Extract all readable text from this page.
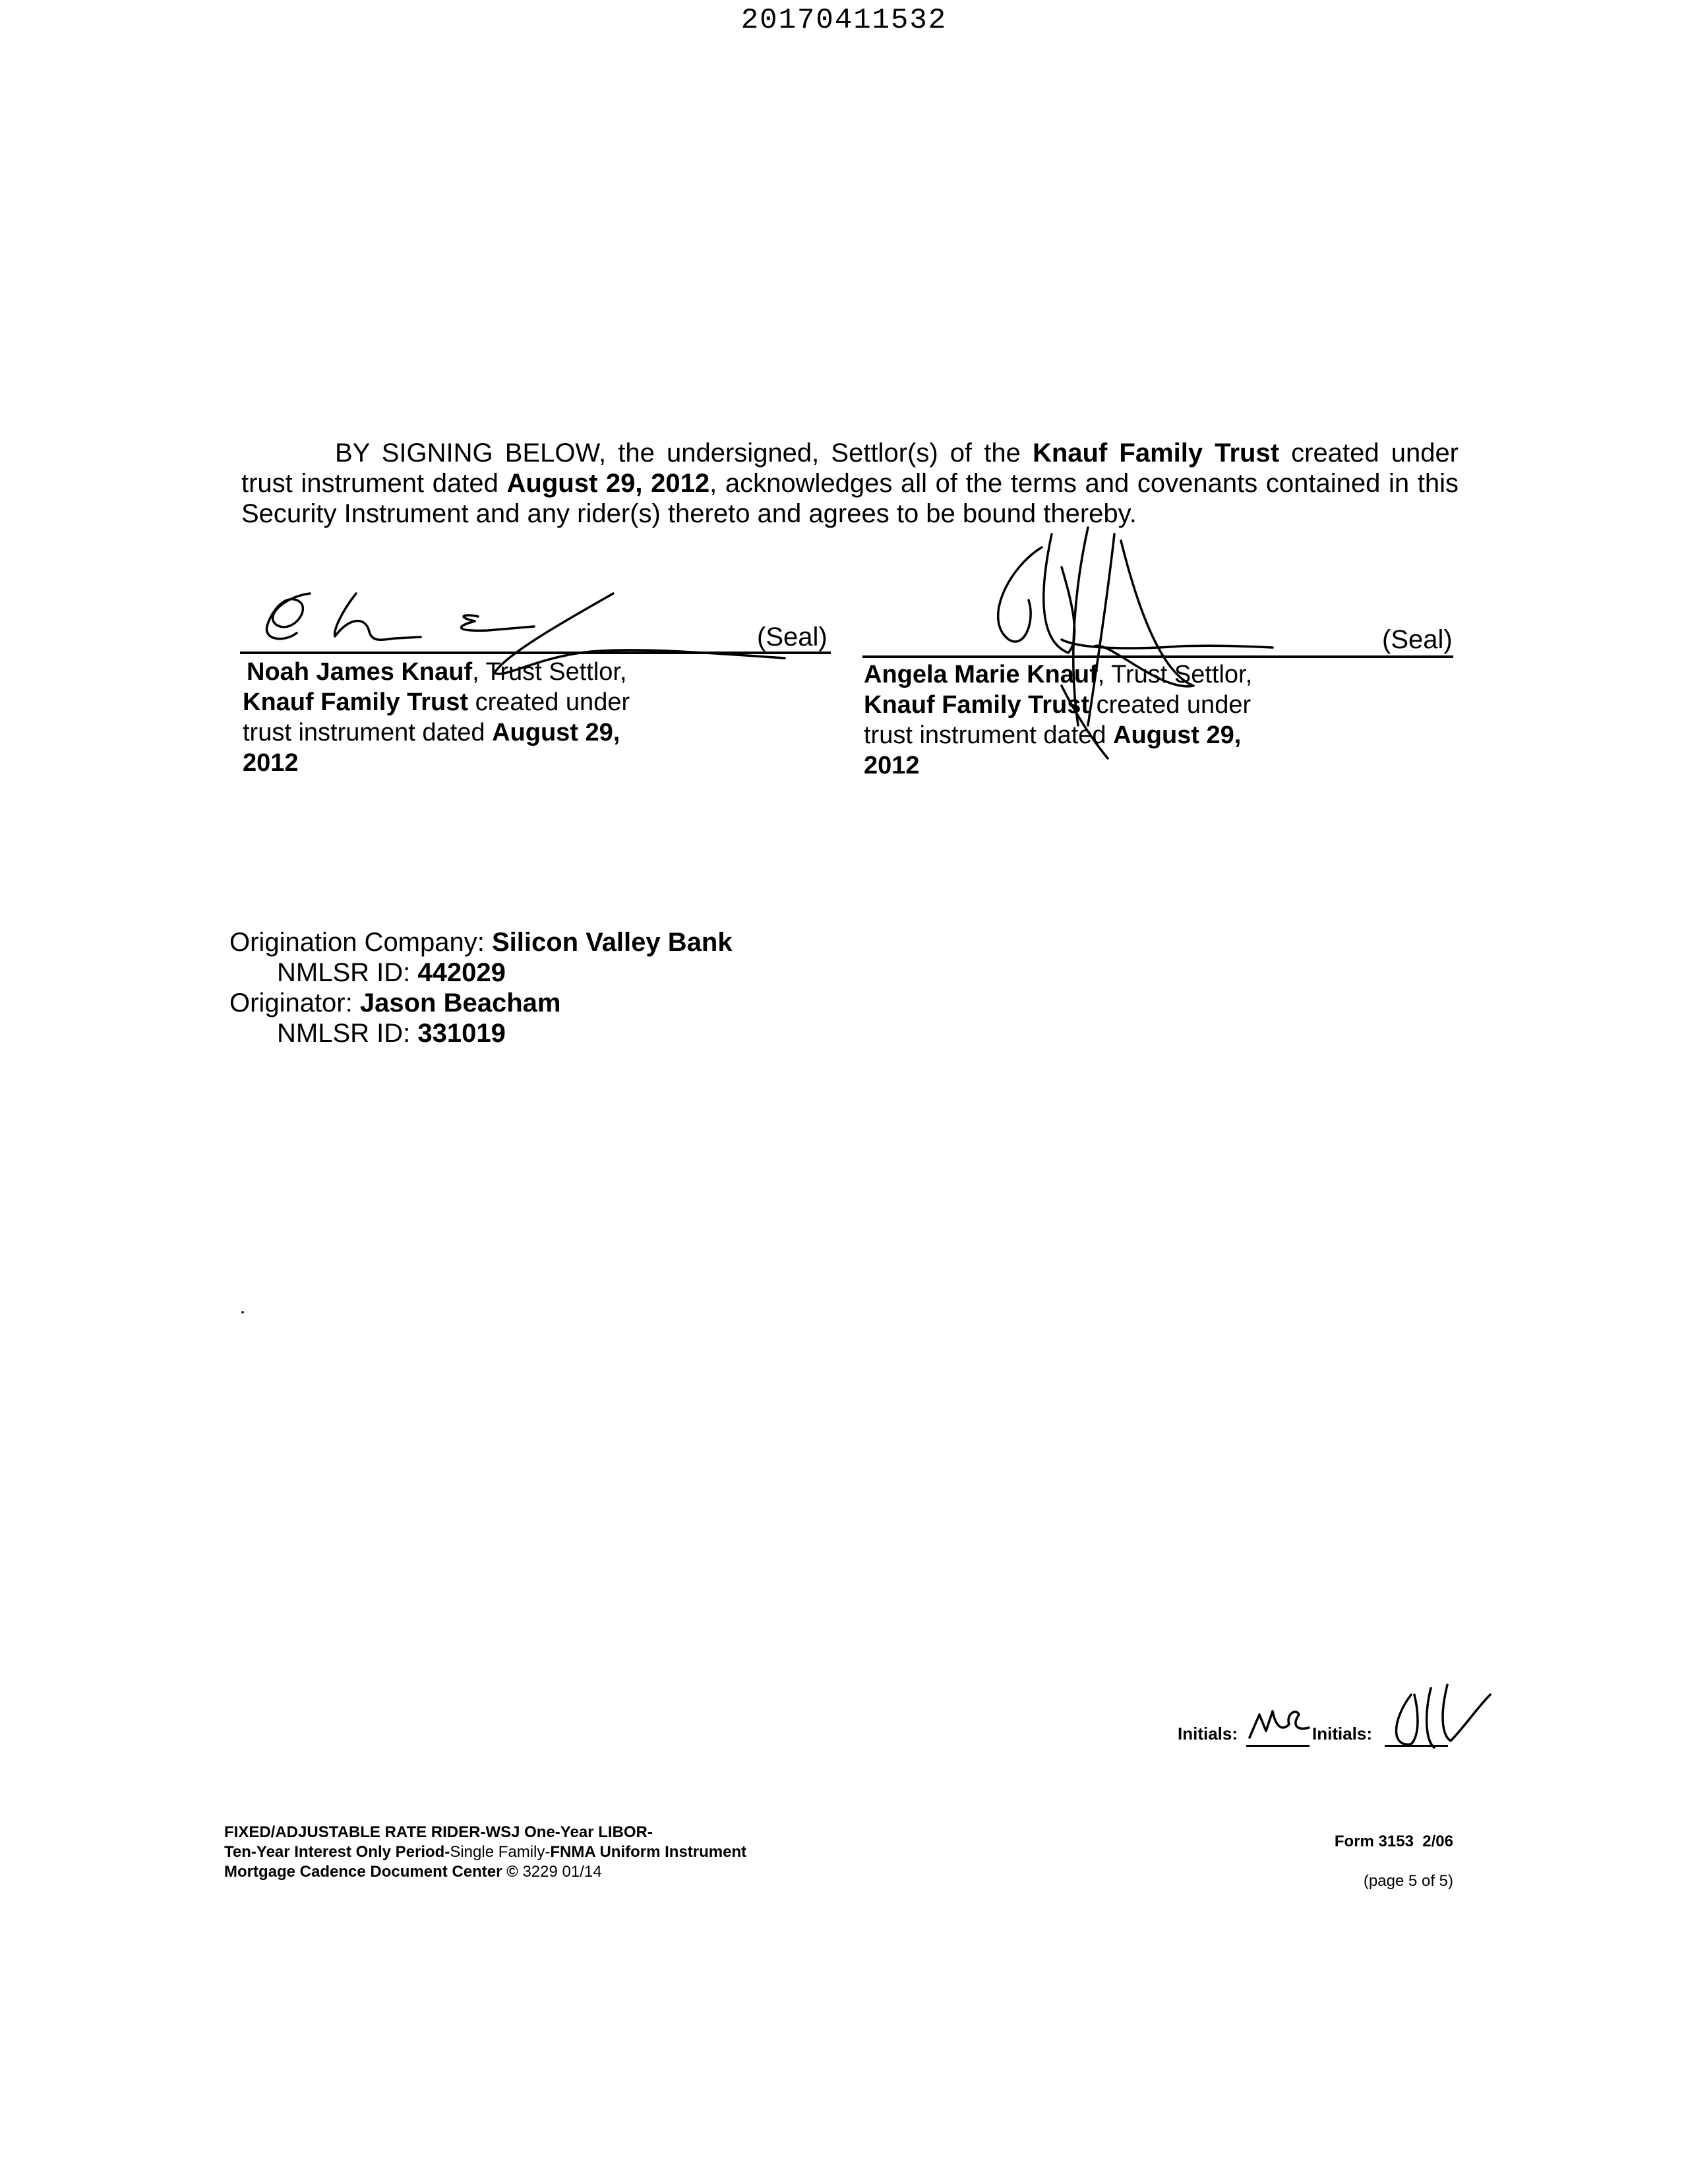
20170411532
BY SIGNING BELOW, the undersigned, Settlor(s) of the Knauf Family Trust created under
trust instrument dated August 29, 2012, acknowledges all of the terms and covenants contained in this
Security Instrument and any rider(s) thereto and agrees to be bound thereby.
(Seal)
Noah James Knauf, Trust Settlor,
Knauf Family Trust created under
trust instrument dated August 29,
2012
(Seal)
Angela Marie Knauf, Trust Settlor,
Knauf Family Trust created under
trust instrument dated August 29,
2012
Origination Company: Silicon Valley Bank
NMLSR ID: 442029
Originator: Jason Beacham
NMLSR ID: 331019
Initials:	Initials:
FIXED/ADJUSTABLE RATE RIDER-WSJ One-Year LIBOR-
Ten-Year Interest Only Period-Single Family-FNMA Uniform Instrument
Mortgage Cadence Document Center © 3229 01/14
Form 3153  2/06
(page 5 of 5)
